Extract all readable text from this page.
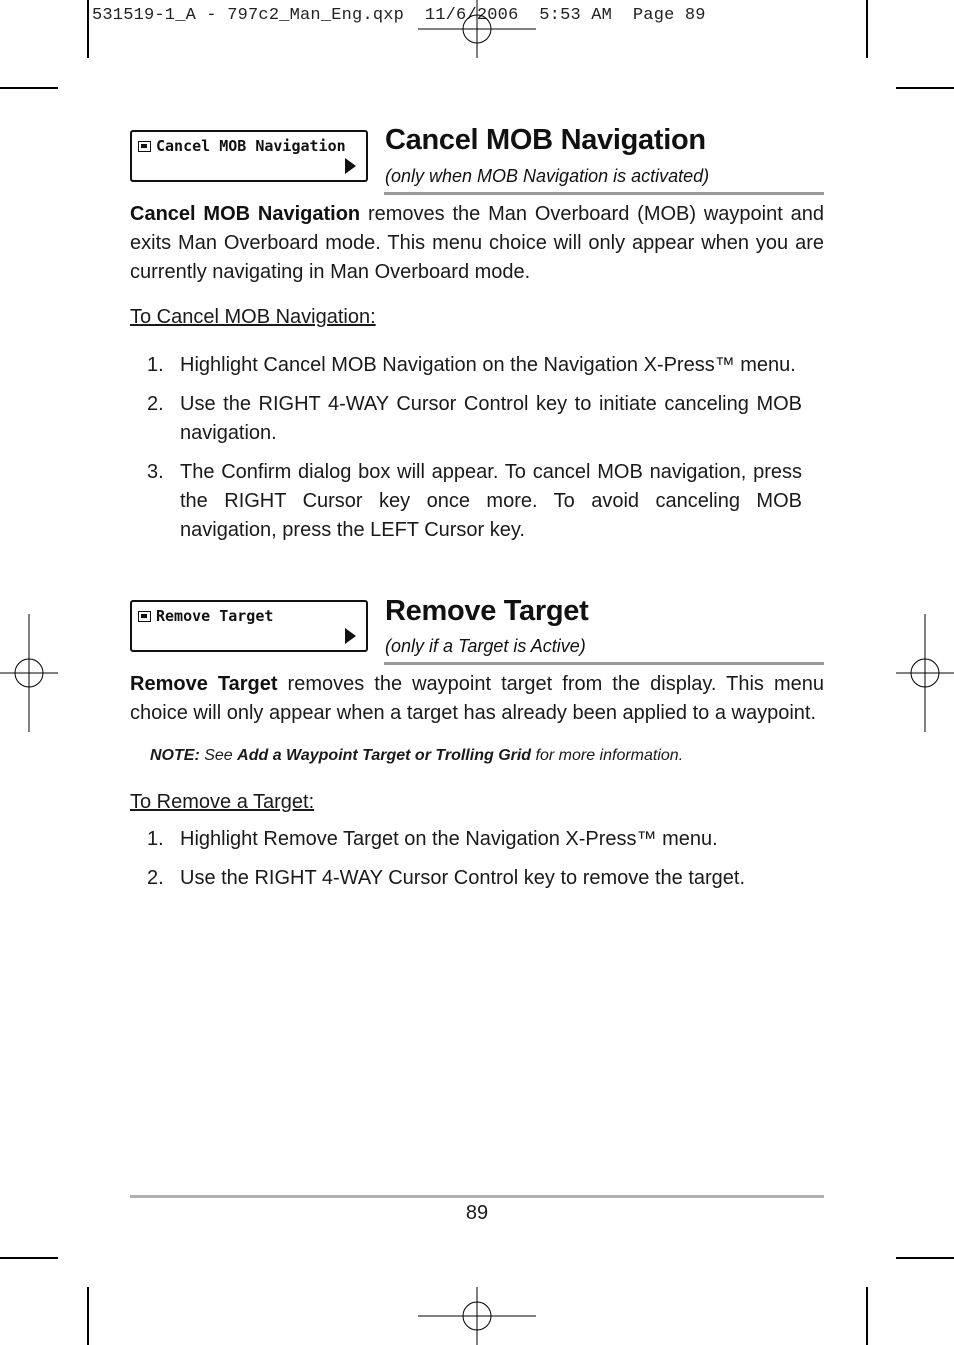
531519-1_A - 797c2_Man_Eng.qxp  11/6/2006  5:53 AM  Page 89
Cancel MOB Navigation Cancel MOB Navigation
(only when MOB Navigation is activated)
Cancel MOB Navigation removes the Man Overboard (MOB) waypoint and exits Man Overboard mode. This menu choice will only appear when you are currently navigating in Man Overboard mode.
To Cancel MOB Navigation:
1. Highlight Cancel MOB Navigation on the Navigation X-Press™ menu.
2. Use the RIGHT 4-WAY Cursor Control key to initiate canceling MOB navigation.
3. The Confirm dialog box will appear. To cancel MOB navigation, press the RIGHT Cursor key once more. To avoid canceling MOB navigation, press the LEFT Cursor key.
Remove Target	Remove Target
(only if a Target is Active)
Remove Target removes the waypoint target from the display. This menu choice will only appear when a target has already been applied to a waypoint.
NOTE: See Add a Waypoint Target or Trolling Grid for more information.
To Remove a Target:
1. Highlight Remove Target on the Navigation X-Press™ menu.
2. Use the RIGHT 4-WAY Cursor Control key to remove the target.
89
